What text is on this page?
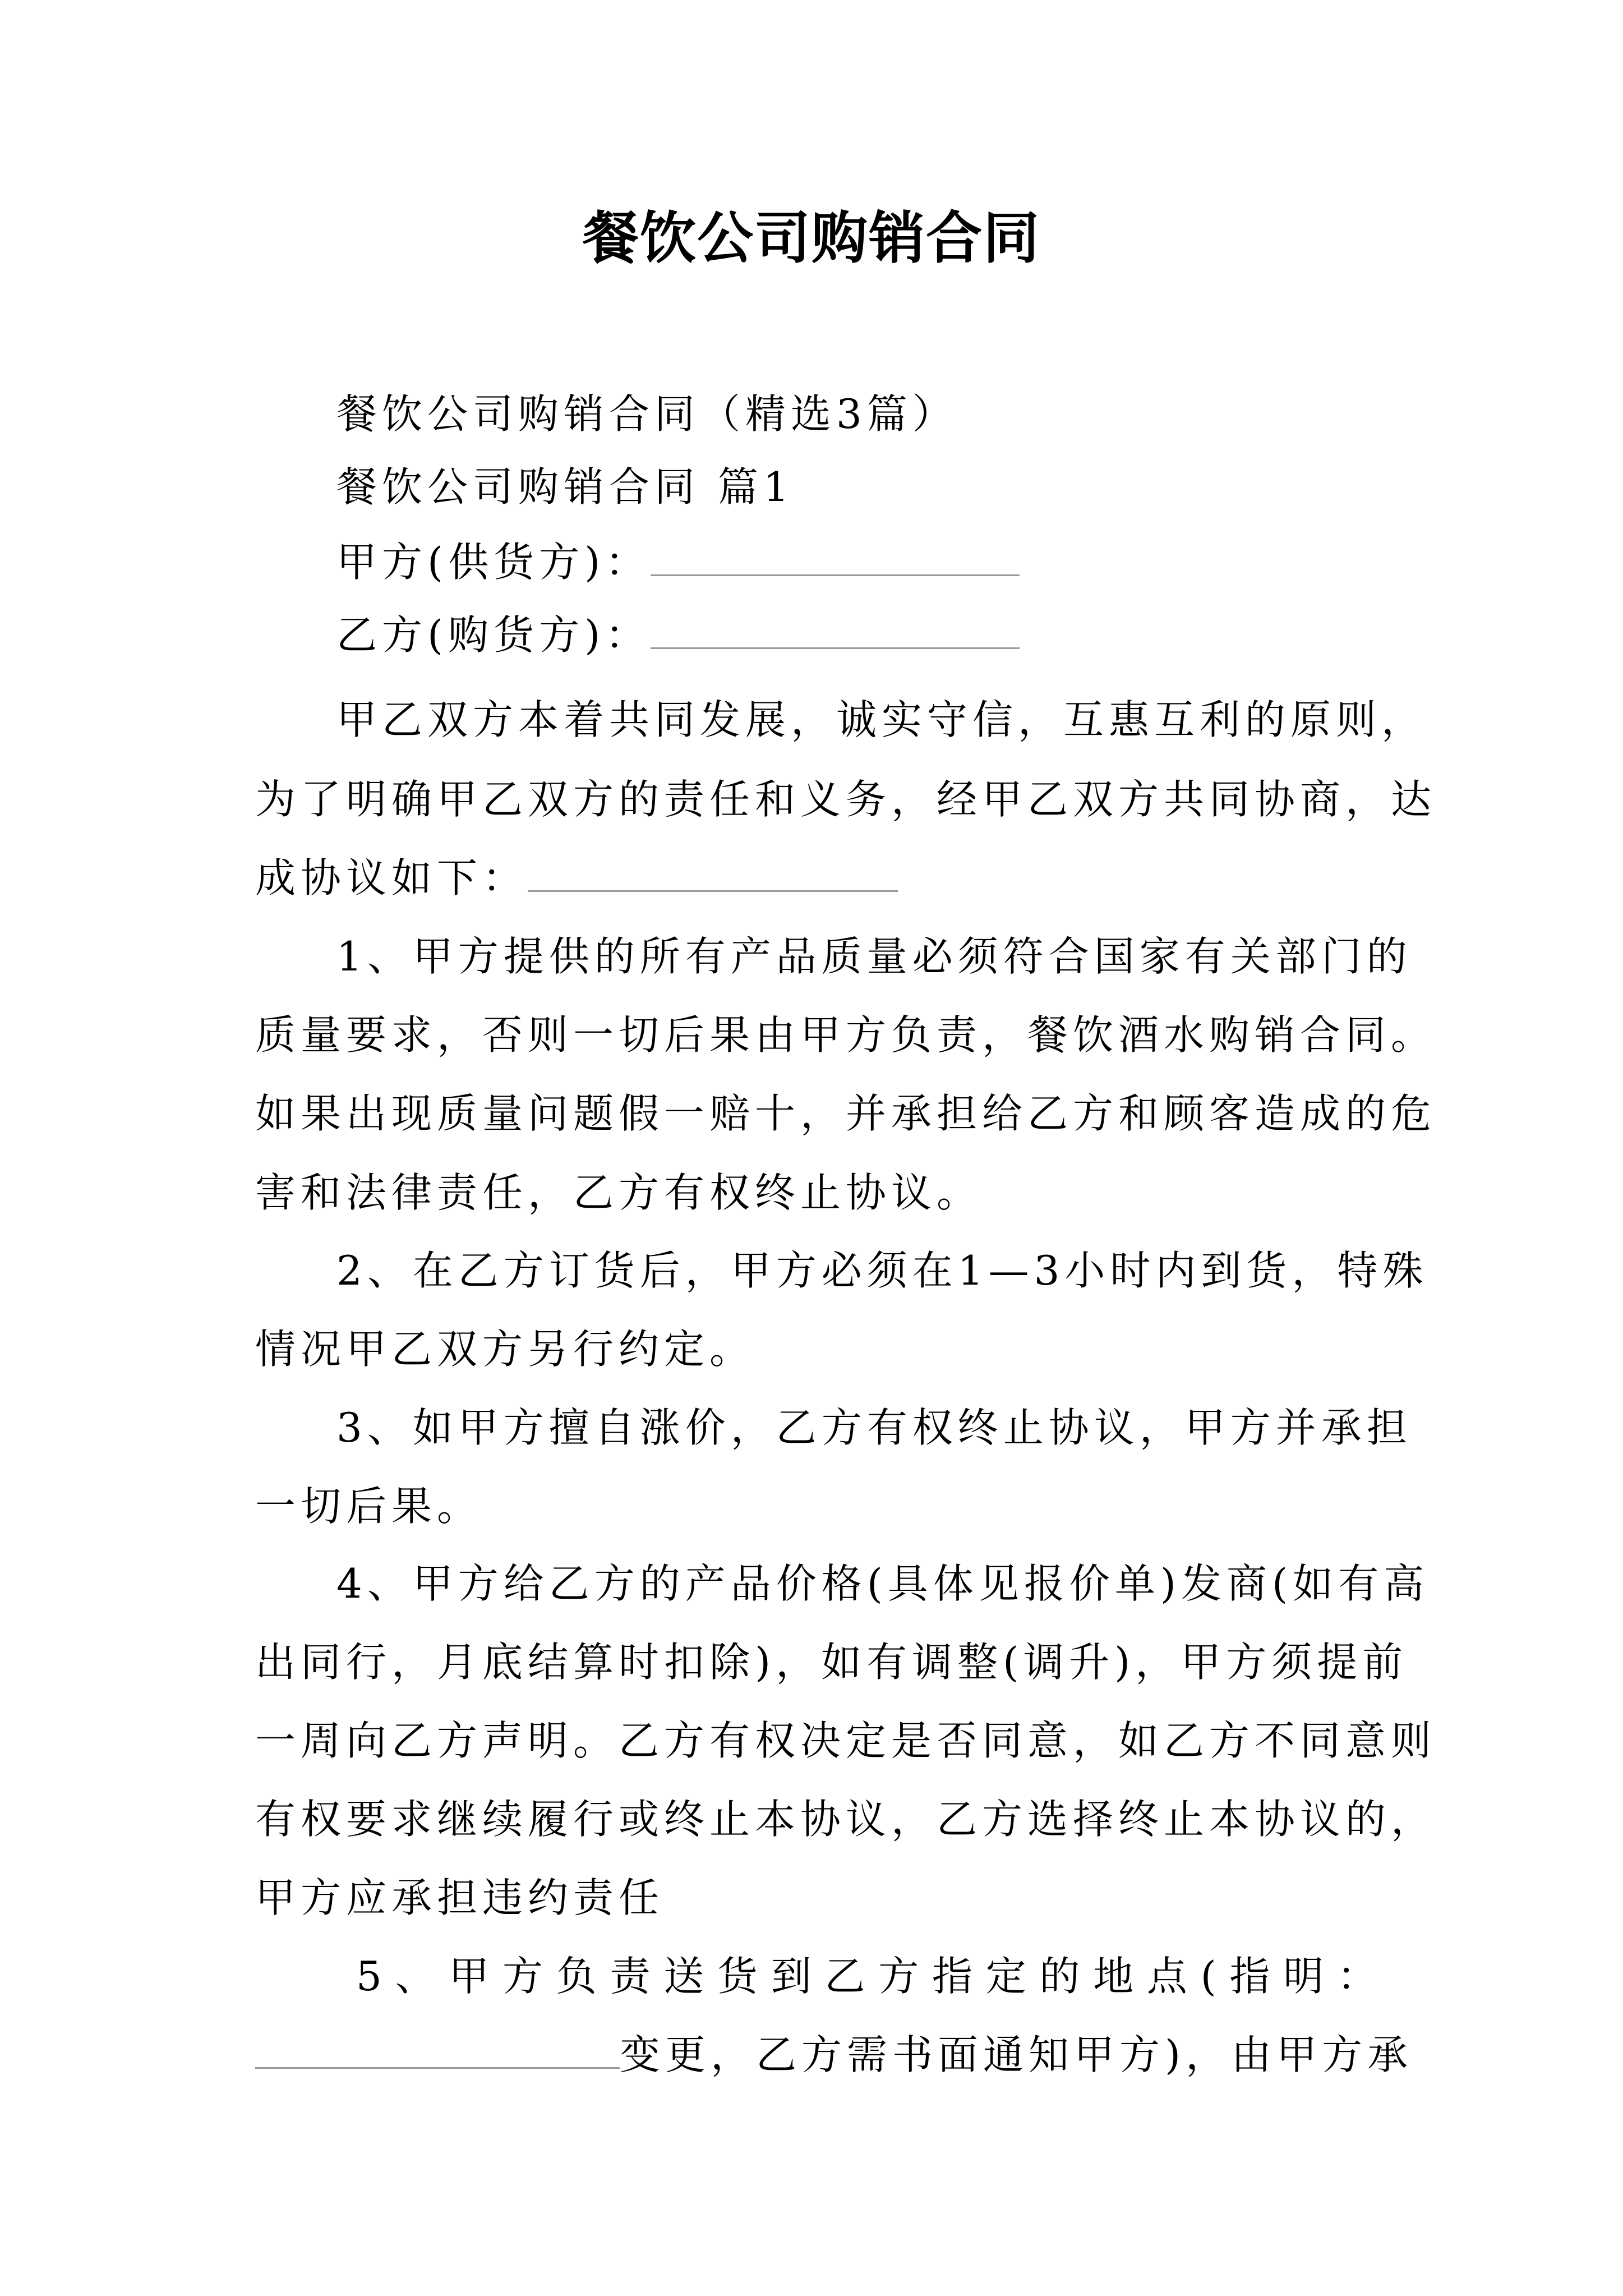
餐饮公司购销合同
餐饮公司购销合同（精选3篇）
餐饮公司购销合同 篇1
甲方(供货方)：
乙方(购货方)：
甲乙双方本着共同发展，诚实守信，互惠互利的原则，
为了明确甲乙双方的责任和义务，经甲乙双方共同协商，达
成协议如下：
1、甲方提供的所有产品质量必须符合国家有关部门的
质量要求，否则一切后果由甲方负责，餐饮酒水购销合同。
如果出现质量问题假一赔十，并承担给乙方和顾客造成的危
害和法律责任，乙方有权终止协议。
2、在乙方订货后，甲方必须在1—3小时内到货，特殊
情况甲乙双方另行约定。
3、如甲方擅自涨价，乙方有权终止协议，甲方并承担
一切后果。
4、甲方给乙方的产品价格(具体见报价单)发商(如有高
出同行，月底结算时扣除)，如有调整(调升)，甲方须提前
一周向乙方声明。乙方有权决定是否同意，如乙方不同意则
有权要求继续履行或终止本协议，乙方选择终止本协议的，
甲方应承担违约责任
5、甲方负责送货到乙方指定的地点(指明：
变更，乙方需书面通知甲方)，由甲方承
